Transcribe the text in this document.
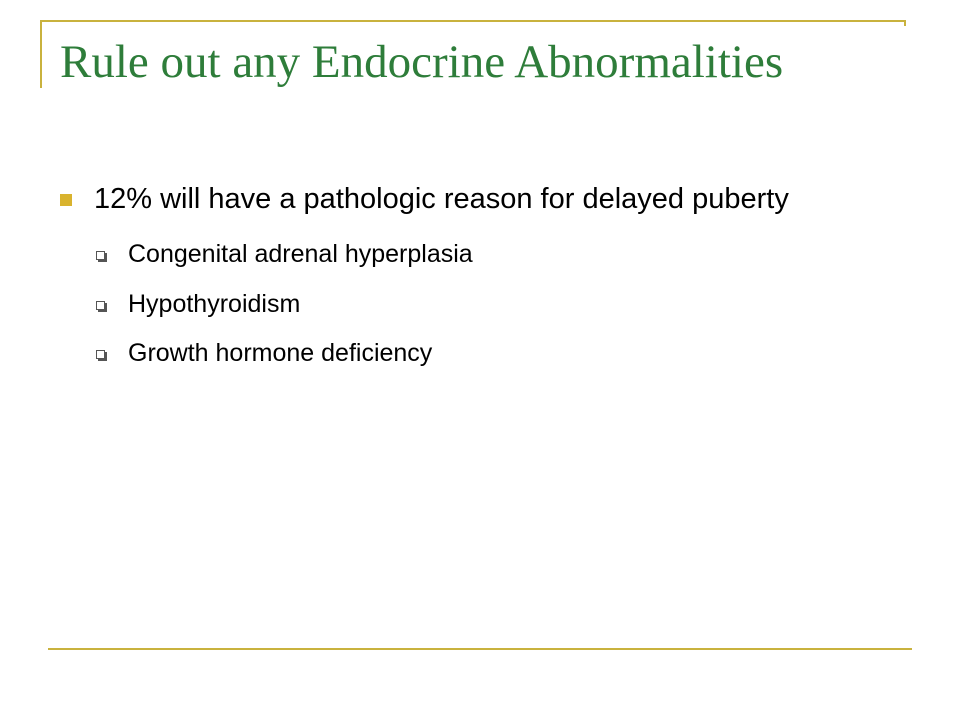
Rule out any Endocrine Abnormalities
12% will have a pathologic reason for delayed puberty
Congenital adrenal hyperplasia
Hypothyroidism
Growth hormone deficiency
